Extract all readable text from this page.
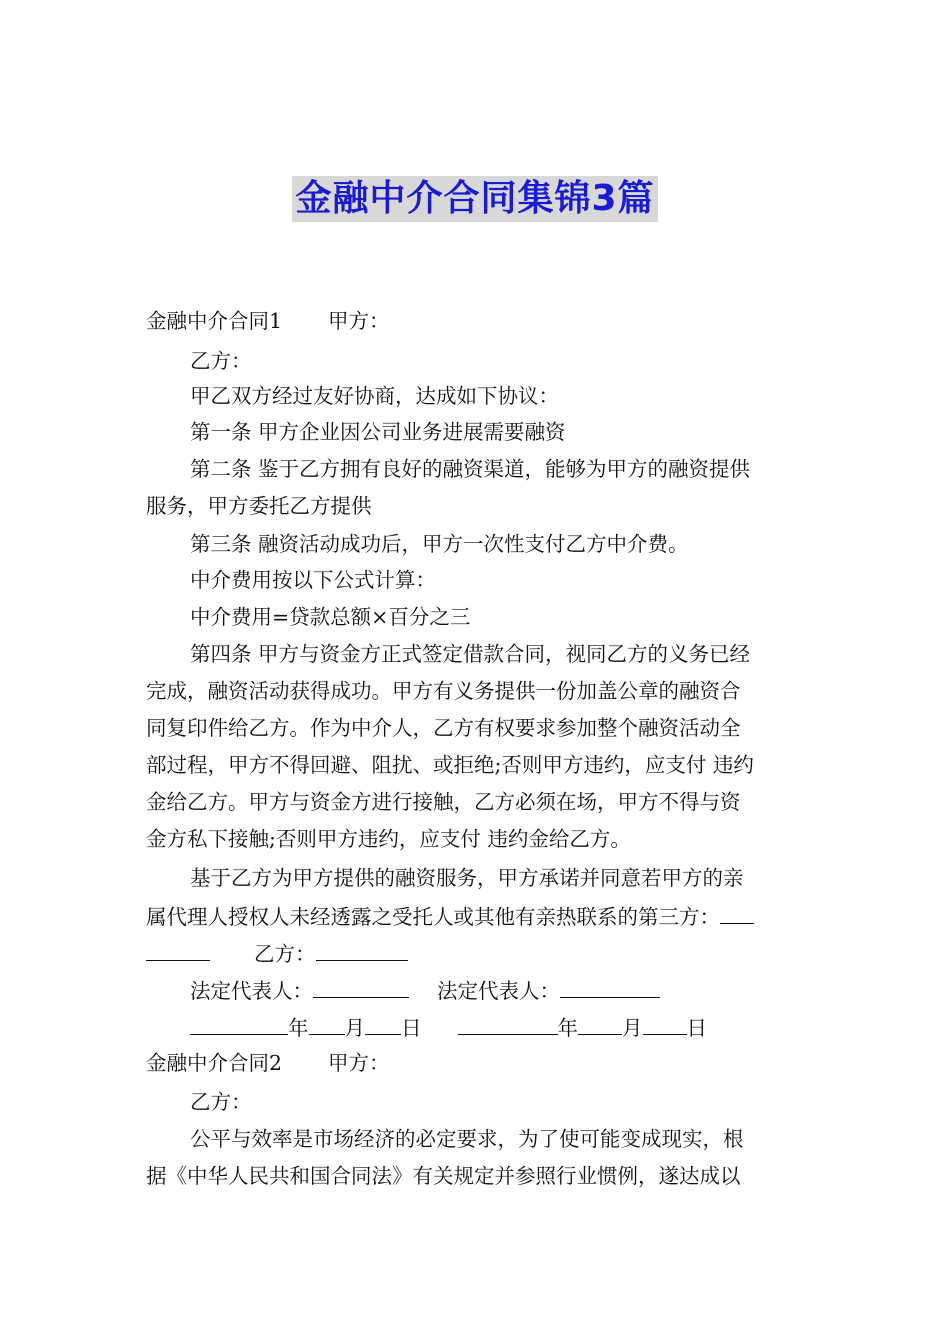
金融中介合同集锦3篇
金融中介合同1 甲方：
乙方：
甲乙双方经过友好协商，达成如下协议：
第一条 甲方企业因公司业务进展需要融资
第二条 鉴于乙方拥有良好的融资渠道，能够为甲方的融资提供
服务，甲方委托乙方提供
第三条 融资活动成功后，甲方一次性支付乙方中介费。
中介费用按以下公式计算：
中介费用=贷款总额×百分之三
第四条 甲方与资金方正式签定借款合同，视同乙方的义务已经
完成，融资活动获得成功。甲方有义务提供一份加盖公章的融资合
同复印件给乙方。作为中介人，乙方有权要求参加整个融资活动全
部过程，甲方不得回避、阻扰、或拒绝;否则甲方违约，应支付 违约
金给乙方。甲方与资金方进行接触，乙方必须在场，甲方不得与资
金方私下接触;否则甲方违约，应支付 违约金给乙方。
基于乙方为甲方提供的融资服务，甲方承诺并同意若甲方的亲
属代理人授权人未经透露之受托人或其他有亲热联系的第三方：
乙方：
法定代表人：	法定代表人：
年 月 日	年 月 日
金融中介合同2 甲方：
乙方：
公平与效率是市场经济的必定要求，为了使可能变成现实，根
据《中华人民共和国合同法》有关规定并参照行业惯例，遂达成以
